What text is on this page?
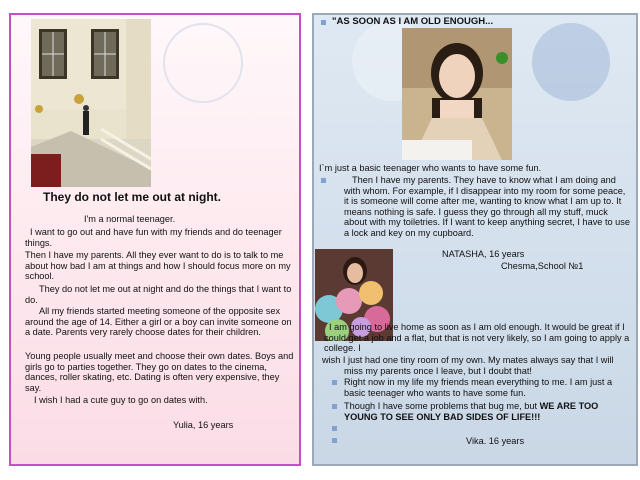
They do not let me out at night.
I'm a normal teenager.
I want to go out and have fun with my friends and do teenager things.
Then I have my parents. All they ever want to do is to talk to me about how bad I am at things and how I should focus more on my school.
They do not let me out at night and do the things that I want to do.
All my friends started meeting someone of the opposite sex around the age of 14. Either a girl or a boy can invite someone on a date. Parents very rarely choose dates for their children.
Young people usually meet and choose their own dates. Boys and girls go to parties together. They go on dates to the cinema, dances, roller skating, etc. Dating is often very expensive, they say.
I wish I had a cute guy to go on dates with.
Yulia, 16 years
"AS SOON AS I AM OLD ENOUGH...
I`m just a basic teenager who wants to have some fun.
Then I have my parents. They have to know what I am doing and with whom. For example, if I disappear into my room for some peace, it is someone will come after me, wanting to know what I am up to. It means nothing is safe. I guess they go through all my stuff, muck about with my toiletries. If I want to keep anything secret, I have to use a lock and key on my cupboard.
NATASHA, 16 years
Chesma,School №1
I am going to live home as soon as I am old enough. It would be great if I could get a job and a flat, but that is not very likely, so I am going to apply a college. I
wish I just had one tiny room of my own. My mates always say that I will miss my parents once I leave, but I doubt that!
Right now in my life my friends mean everything to me. I am just a basic teenager who wants to have some fun.
Though I have some problems that bug me, but WE ARE TOO YOUNG TO SEE ONLY BAD SIDES OF LIFE!!!
Vika. 16 years
